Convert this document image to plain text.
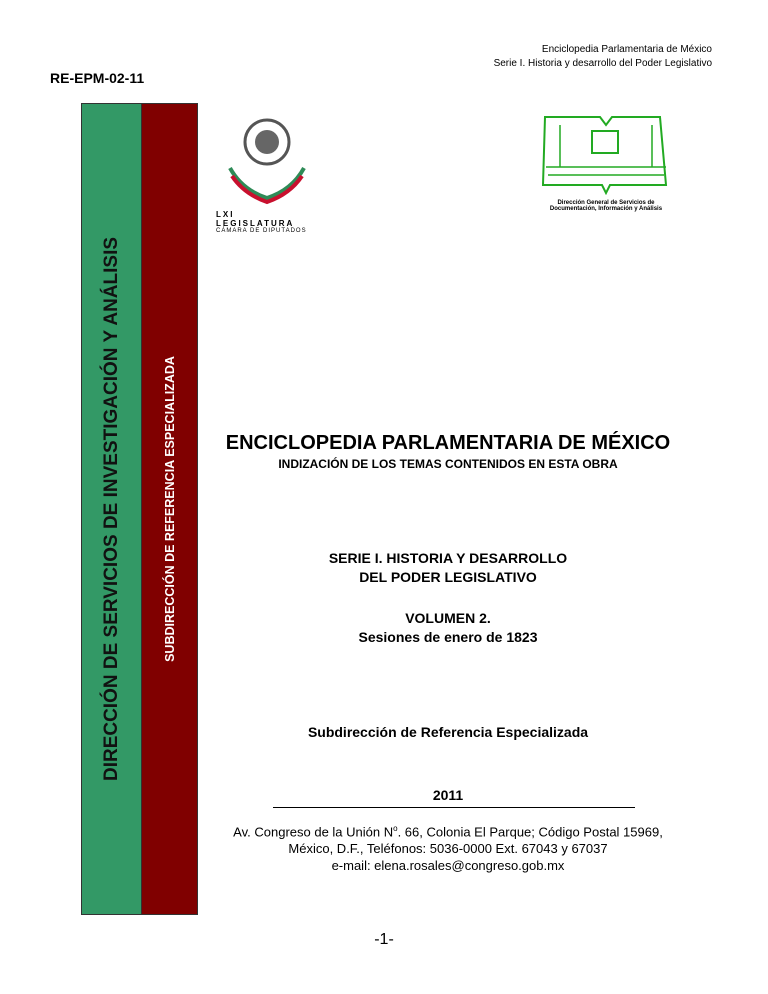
Enciclopedia Parlamentaria de México
Serie I. Historia y desarrollo del Poder Legislativo
RE-EPM-02-11
DIRECCIÓN DE SERVICIOS DE INVESTIGACIÓN Y ANÁLISIS	SUBDIRECCIÓN DE REFERENCIA ESPECIALIZADA
LXI LEGISLATURA
CÁMARA DE DIPUTADOS
Dirección General de Servicios de
Documentación, Información y Análisis
ENCICLOPEDIA PARLAMENTARIA DE MÉXICO
INDIZACIÓN DE LOS TEMAS CONTENIDOS EN ESTA OBRA
SERIE I. HISTORIA Y DESARROLLO
DEL PODER LEGISLATIVO
VOLUMEN 2.
Sesiones de enero de 1823
Subdirección de Referencia Especializada
2011
Av. Congreso de la Unión $N^o$. 66, Colonia El Parque; Código Postal 15969,
México, D.F., Teléfonos: 5036-0000 Ext. 67043 y 67037
e-mail: elena.rosales@congreso.gob.mx
-1-
